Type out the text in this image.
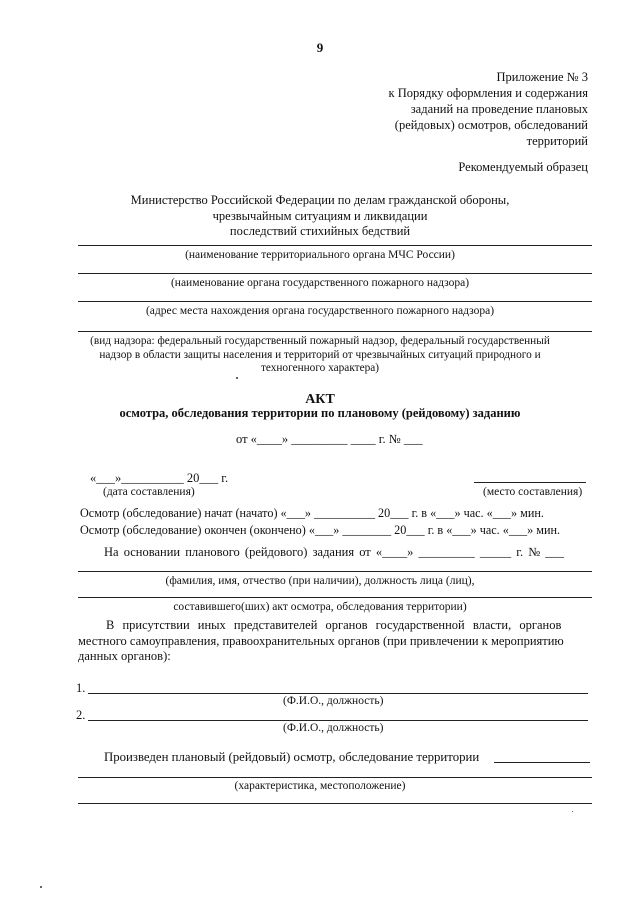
9
Приложение № 3
к Порядку оформления и содержания
заданий на проведение плановых
(рейдовых) осмотров, обследований
территорий
Рекомендуемый образец
Министерство Российской Федерации по делам гражданской обороны,
чрезвычайным ситуациям и ликвидации
последствий стихийных бедствий
(наименование территориального органа МЧС России)
(наименование органа государственного пожарного надзора)
(адрес места нахождения органа государственного пожарного надзора)
(вид надзора: федеральный государственный пожарный надзор, федеральный государственный
надзор в области защиты населения и территорий от чрезвычайных ситуаций природного и
техногенного характера)
АКТ
осмотра, обследования территории по плановому (рейдовому) заданию
от «____» _________ ____ г. № ___
«___»__________ 20___ г.
(дата составления)	(место составления)
Осмотр (обследование) начат (начато) «___» __________ 20___ г. в «___» час. «___» мин.
Осмотр (обследование) окончен (окончено) «___» ________ 20___ г. в «___» час. «___» мин.
На основании планового (рейдового) задания от «____» _________ _____ г. № ___
(фамилия, имя, отчество (при наличии), должность лица (лиц),
составившего(ших) акт осмотра, обследования территории)
В присутствии иных представителей органов государственной власти, органов
местного самоуправления, правоохранительных органов (при привлечении к мероприятию
данных органов):
1.
(Ф.И.О., должность)
2.
(Ф.И.О., должность)
Произведен плановый (рейдовый) осмотр, обследование территории
(характеристика, местоположение)
